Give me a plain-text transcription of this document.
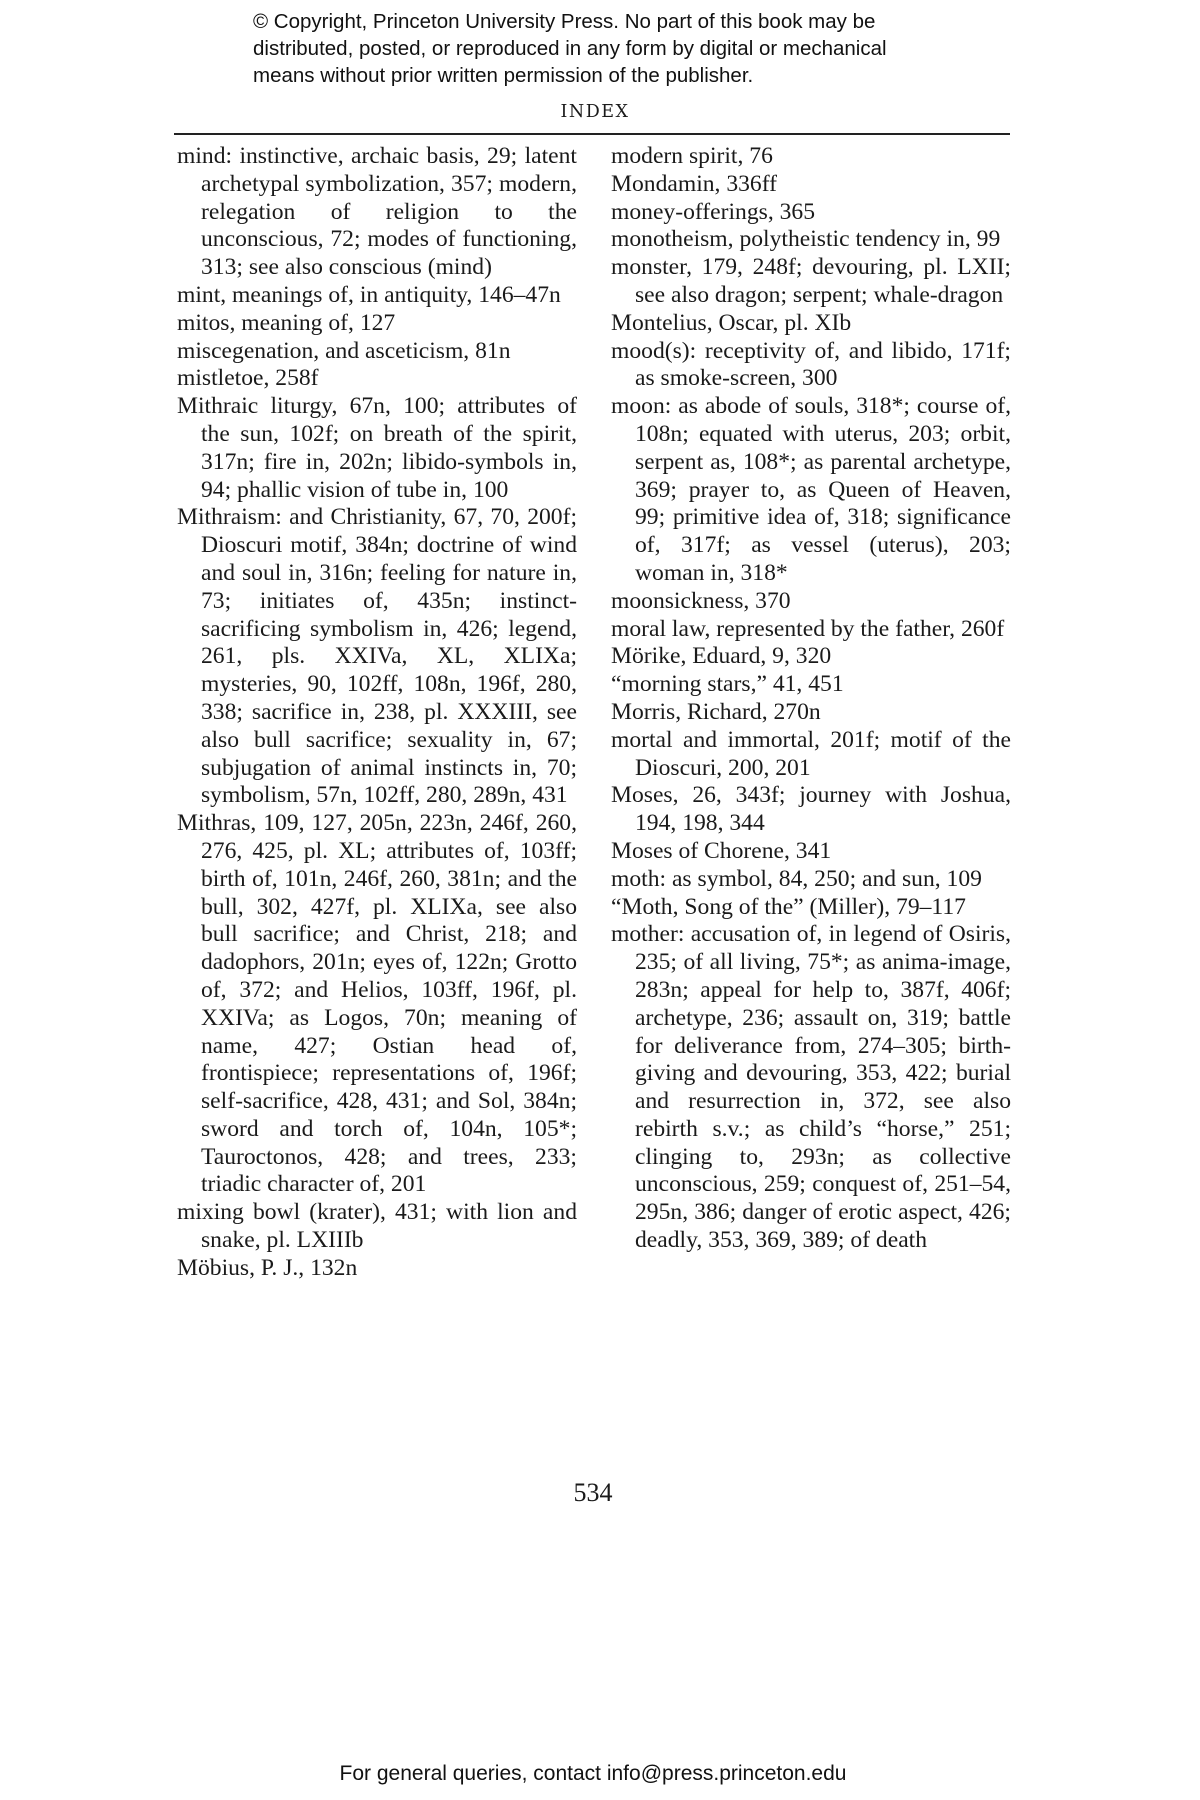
© Copyright, Princeton University Press. No part of this book may be
distributed, posted, or reproduced in any form by digital or mechanical
means without prior written permission of the publisher.
INDEX
mind: instinctive, archaic basis, 29; latent archetypal symbolization, 357; modern, relegation of religion to the unconscious, 72; modes of functioning, 313; see also conscious (mind)
mint, meanings of, in antiquity, 146–47n
mitos, meaning of, 127
miscegenation, and asceticism, 81n
mistletoe, 258f
Mithraic liturgy, 67n, 100; attributes of the sun, 102f; on breath of the spirit, 317n; fire in, 202n; libido-symbols in, 94; phallic vision of tube in, 100
Mithraism: and Christianity, 67, 70, 200f; Dioscuri motif, 384n; doctrine of wind and soul in, 316n; feeling for nature in, 73; initiates of, 435n; instinct-sacrificing symbolism in, 426; legend, 261, pls. XXIVa, XL, XLIXa; mysteries, 90, 102ff, 108n, 196f, 280, 338; sacrifice in, 238, pl. XXXIII, see also bull sacrifice; sexuality in, 67; subjugation of animal instincts in, 70; symbolism, 57n, 102ff, 280, 289n, 431
Mithras, 109, 127, 205n, 223n, 246f, 260, 276, 425, pl. XL; attributes of, 103ff; birth of, 101n, 246f, 260, 381n; and the bull, 302, 427f, pl. XLIXa, see also bull sacrifice; and Christ, 218; and dadophors, 201n; eyes of, 122n; Grotto of, 372; and Helios, 103ff, 196f, pl. XXIVa; as Logos, 70n; meaning of name, 427; Ostian head of, frontispiece; representations of, 196f; self-sacrifice, 428, 431; and Sol, 384n; sword and torch of, 104n, 105*; Tauroctonos, 428; and trees, 233; triadic character of, 201
mixing bowl (krater), 431; with lion and snake, pl. LXIIIb
Möbius, P. J., 132n
modern spirit, 76
Mondamin, 336ff
money-offerings, 365
monotheism, polytheistic tendency in, 99
monster, 179, 248f; devouring, pl. LXII; see also dragon; serpent; whale-dragon
Montelius, Oscar, pl. XIb
mood(s): receptivity of, and libido, 171f; as smoke-screen, 300
moon: as abode of souls, 318*; course of, 108n; equated with uterus, 203; orbit, serpent as, 108*; as parental archetype, 369; prayer to, as Queen of Heaven, 99; primitive idea of, 318; significance of, 317f; as vessel (uterus), 203; woman in, 318*
moonsickness, 370
moral law, represented by the father, 260f
Mörike, Eduard, 9, 320
“morning stars,” 41, 451
Morris, Richard, 270n
mortal and immortal, 201f; motif of the Dioscuri, 200, 201
Moses, 26, 343f; journey with Joshua, 194, 198, 344
Moses of Chorene, 341
moth: as symbol, 84, 250; and sun, 109
“Moth, Song of the” (Miller), 79–117
mother: accusation of, in legend of Osiris, 235; of all living, 75*; as anima-image, 283n; appeal for help to, 387f, 406f; archetype, 236; assault on, 319; battle for deliverance from, 274–305; birth-giving and devouring, 353, 422; burial and resurrection in, 372, see also rebirth s.v.; as child’s “horse,” 251; clinging to, 293n; as collective unconscious, 259; conquest of, 251–54, 295n, 386; danger of erotic aspect, 426; deadly, 353, 369, 389; of death
534
For general queries, contact info@press.princeton.edu
